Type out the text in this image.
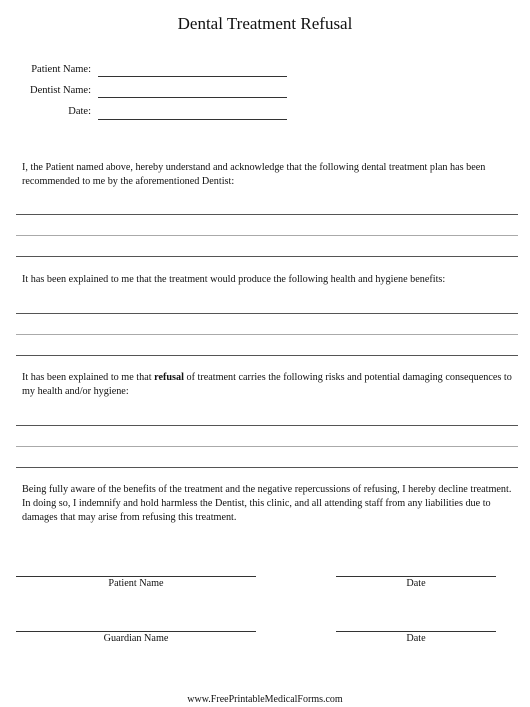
Dental Treatment Refusal
Patient Name:
Dentist Name:
Date:
I, the Patient named above, hereby understand and acknowledge that the following dental treatment plan has been recommended to me by the aforementioned Dentist:
It has been explained to me that the treatment would produce the following health and hygiene benefits:
It has been explained to me that refusal of treatment carries the following risks and potential damaging consequences to my health and/or hygiene:
Being fully aware of the benefits of the treatment and the negative repercussions of refusing, I hereby decline treatment. In doing so, I indemnify and hold harmless the Dentist, this clinic, and all attending staff from any liabilities due to damages that may arise from refusing this treatment.
Patient Name	Date
Guardian Name	Date
www.FreePrintableMedicalForms.com
